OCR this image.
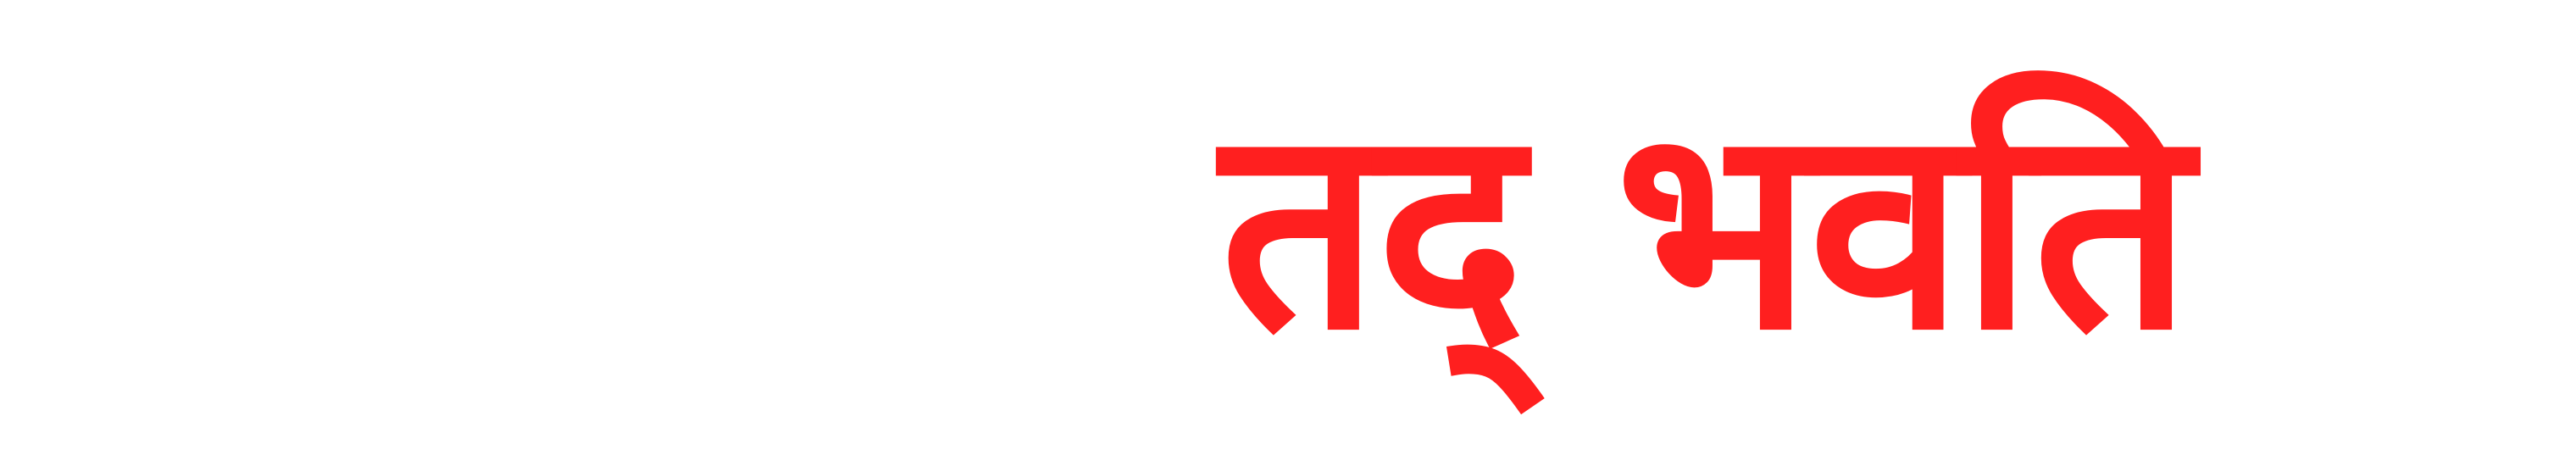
तद् भवति
